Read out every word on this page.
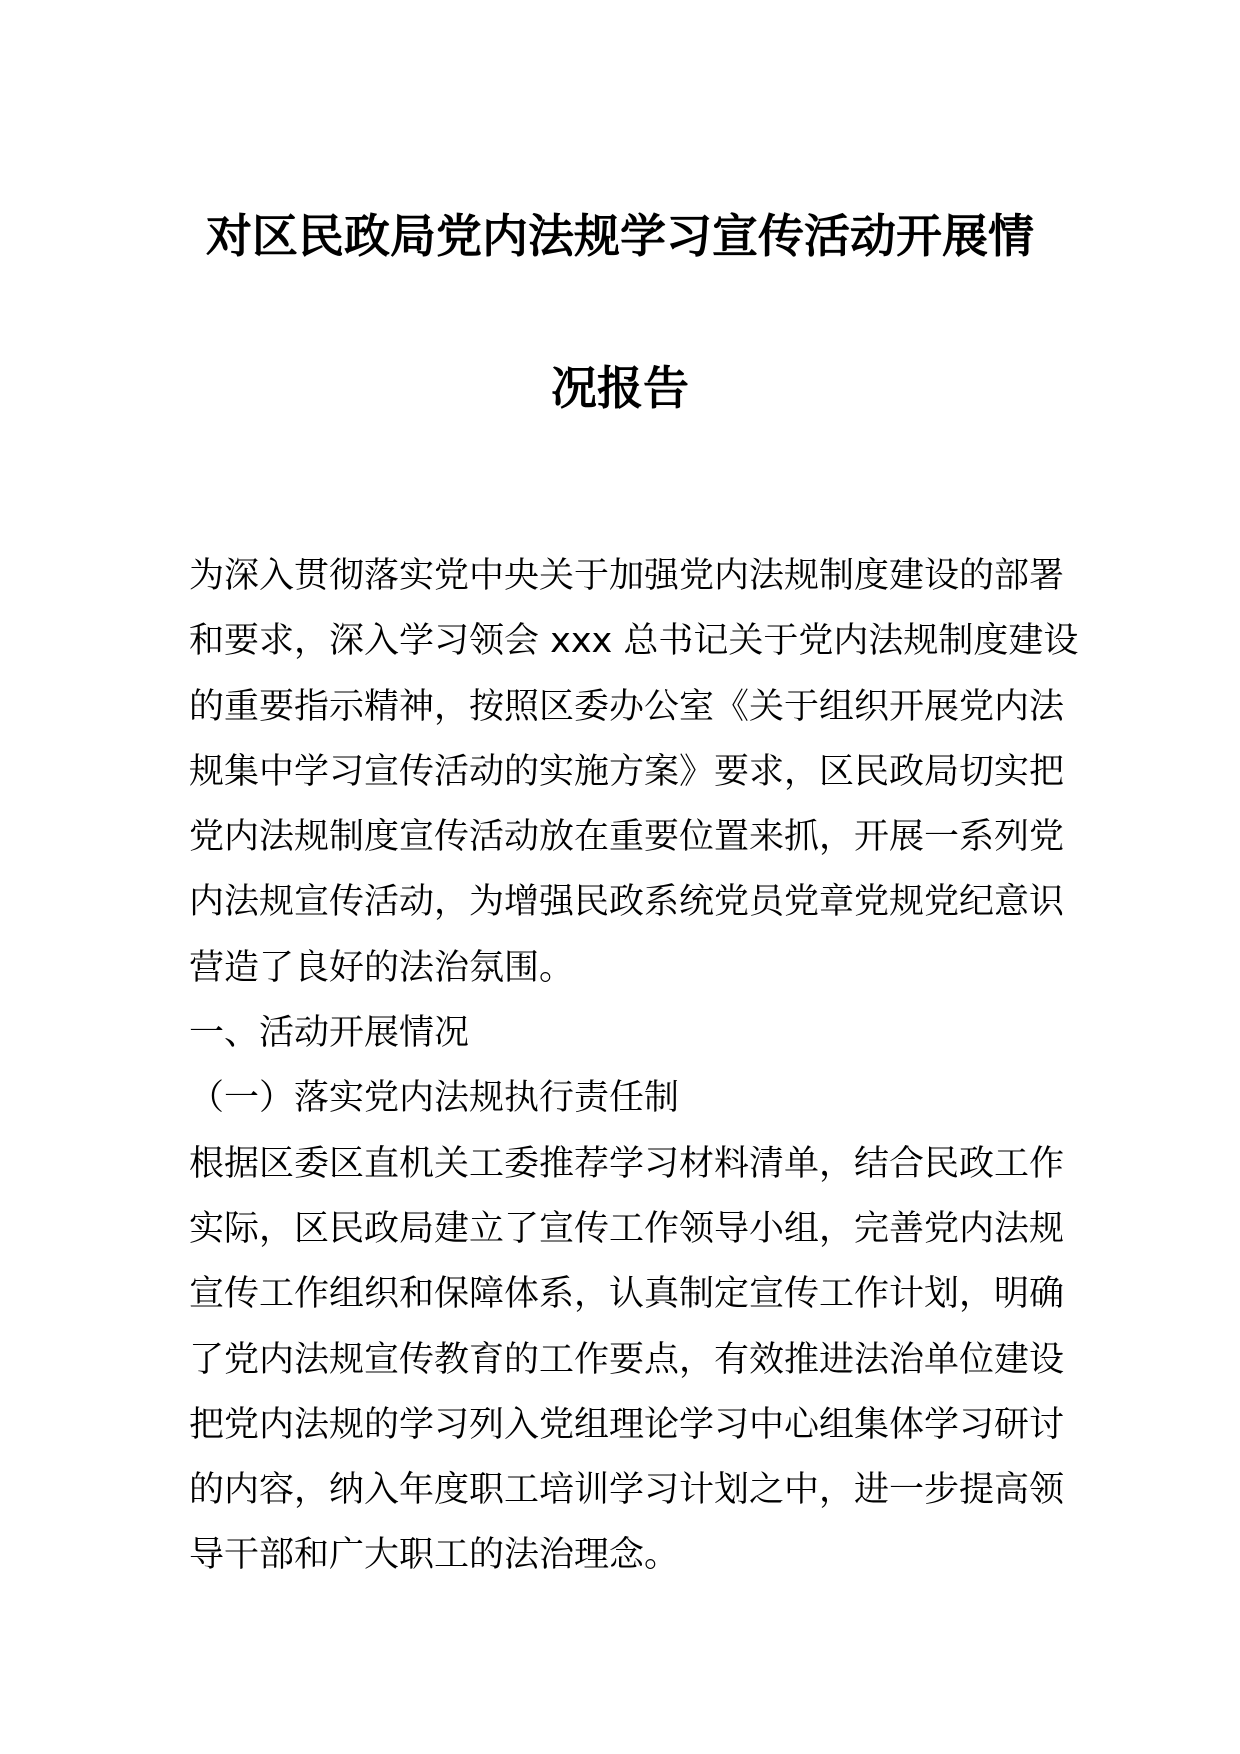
对区民政局党内法规学习宣传活动开展情况报告
为深入贯彻落实党中央关于加强党内法规制度建设的部署
和要求，深入学习领会 xxx 总书记关于党内法规制度建设
的重要指示精神，按照区委办公室《关于组织开展党内法
规集中学习宣传活动的实施方案》要求，区民政局切实把
党内法规制度宣传活动放在重要位置来抓，开展一系列党
内法规宣传活动，为增强民政系统党员党章党规党纪意识
营造了良好的法治氛围。
一、活动开展情况
（一）落实党内法规执行责任制
根据区委区直机关工委推荐学习材料清单，结合民政工作
实际，区民政局建立了宣传工作领导小组，完善党内法规
宣传工作组织和保障体系，认真制定宣传工作计划，明确
了党内法规宣传教育的工作要点，有效推进法治单位建设
把党内法规的学习列入党组理论学习中心组集体学习研讨
的内容，纳入年度职工培训学习计划之中，进一步提高领
导干部和广大职工的法治理念。
